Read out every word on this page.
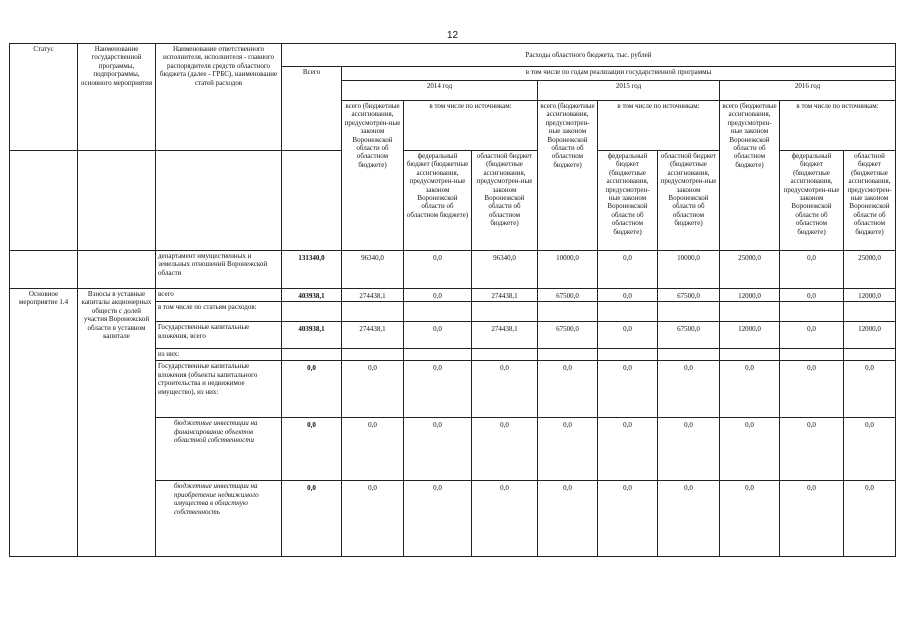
12
Статус	Наименование государственной программы, подпрограммы, основного мероприятия	Наименование ответственного исполнителя, исполнителя - главного распорядителя средств областного бюджета (далее - ГРБС), наименование статей расходов	Расходы областного бюджета, тыс. рублей									
			Всего	в том числе по годам реализации государственной программы								
				2014 год			2015 год			2016 год		
				всего (бюджетные ассигнования, предусмотрен-ные законом Воронежской области об областном бюджете)	в том числе по источникам:		всего (бюджетные ассигнования, предусмотрен-ные законом Воронежской области об областном бюджете)	в том числе по источникам:		всего (бюджетные ассигнования, предусмотрен-ные законом Воронежской области об областном бюджете)	в том числе по источникам:	
					федеральный бюджет (бюджетные ассигнования, предусмотрен-ные законом Воронежской области об областном бюджете)	областной бюджет (бюджетные ассигнования, предусмотрен-ные законом Воронежской области об областном бюджете)		федеральный бюджет (бюджетные ассигнования, предусмотрен-ные законом Воронежской области об областном бюджете)	областной бюджет (бюджетные ассигнования, предусмотрен-ные законом Воронежской области об областном бюджете)		федеральный бюджет (бюджетные ассигнования, предусмотрен-ные законом Воронежской области об областном бюджете)	областной бюджет (бюджетные ассигнования, предусмотрен-ные законом Воронежской области об областном бюджете)
		департамент имущественных и земельных отношений Воронежской области	131340,0	96340,0	0,0	96340,0	10000,0	0,0	10000,0	25000,0	0,0	25000,0
Основное мероприятие 1.4	Взносы в уставные капиталы акционерных обществ с долей участия Воронежской области в уставном капитале	всего	403938,1	274438,1	0,0	274438,1	67500,0	0,0	67500,0	12000,0	0,0	12000,0
		в том числе по статьям расходов:										
		Государственные капитальные вложения, всего	403938,1	274438,1	0,0	274438,1	67500,0	0,0	67500,0	12000,0	0,0	12000,0
		из них:										
		Государственные капитальные вложения (объекты капитального строительства и недвижимое имущество), из них:	0,0	0,0	0,0	0,0	0,0	0,0	0,0	0,0	0,0	0,0
		бюджетные инвестиции на финансирование объектов областной собственности	0,0	0,0	0,0	0,0	0,0	0,0	0,0	0,0	0,0	0,0
		бюджетные инвестиции на приобретение недвижимого имущества в областную собственность	0,0	0,0	0,0	0,0	0,0	0,0	0,0	0,0	0,0	0,0
